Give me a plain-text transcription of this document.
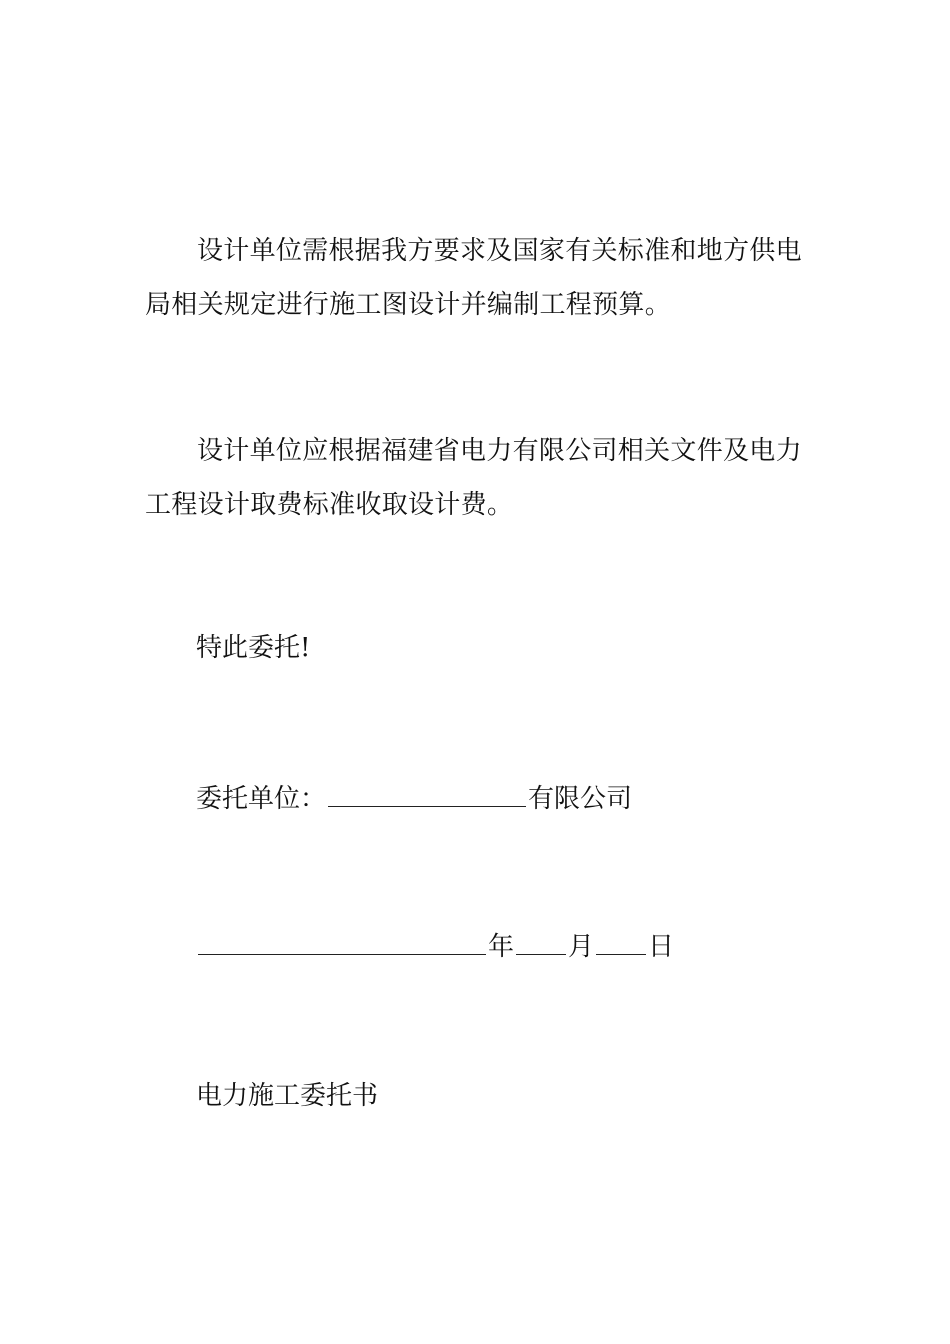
设计单位需根据我方要求及国家有关标准和地方供电局相关规定进行施工图设计并编制工程预算。

设计单位应根据福建省电力有限公司相关文件及电力工程设计取费标准收取设计费。

特此委托!

委托单位：	有限公司

年 月 日

电力施工委托书
